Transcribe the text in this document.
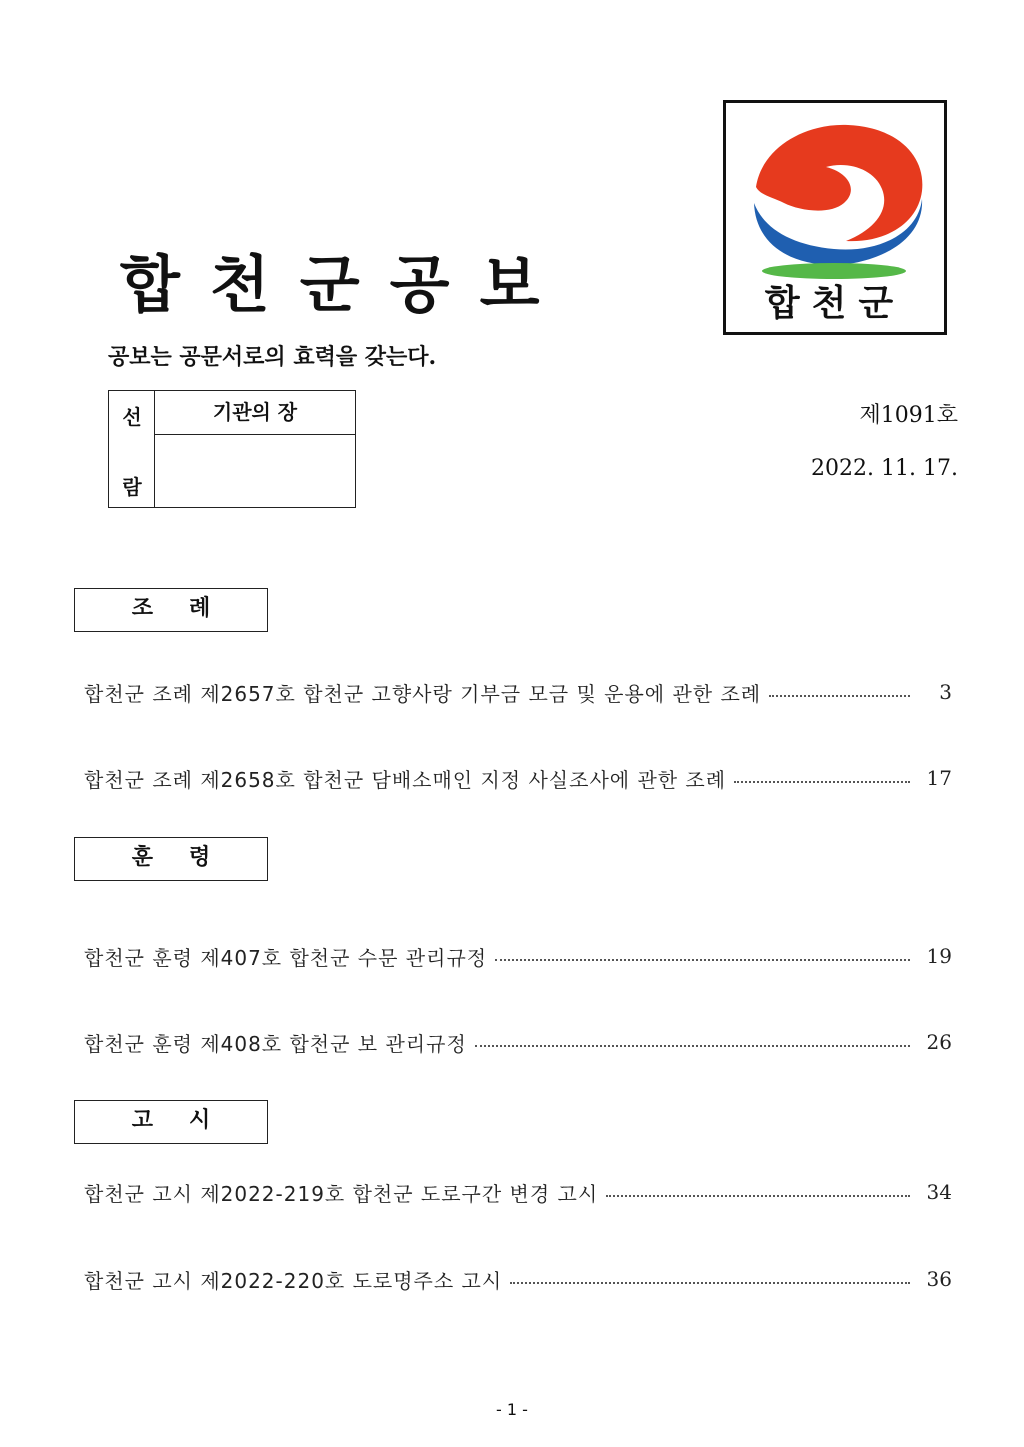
합천군공보
공보는 공문서로의 효력을 갖는다.
합천군
선
람
기관의 장	제1091호
2022. 11. 17.
조례
합천군 조례 제2657호 합천군 고향사랑 기부금 모금 및 운용에 관한 조례	3
합천군 조례 제2658호 합천군 담배소매인 지정 사실조사에 관한 조례	17
훈령
합천군 훈령 제407호 합천군 수문 관리규정	19
합천군 훈령 제408호 합천군 보 관리규정	26
고시
합천군 고시 제2022-219호 합천군 도로구간 변경 고시	34
합천군 고시 제2022-220호 도로명주소 고시	36
- 1 -
